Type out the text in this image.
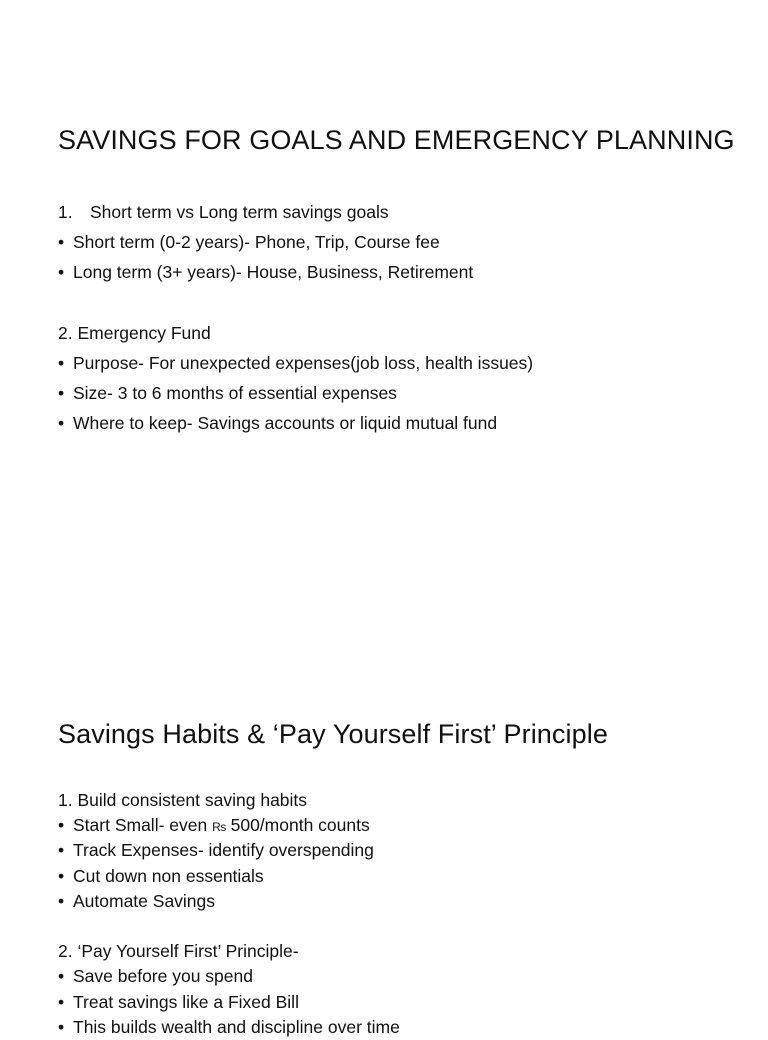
SAVINGS FOR GOALS AND EMERGENCY PLANNING
1. Short term vs Long term savings goals
• Short term (0-2 years)- Phone, Trip, Course fee
• Long term (3+ years)- House, Business, Retirement
2. Emergency Fund
• Purpose- For unexpected expenses(job loss, health issues)
• Size- 3 to 6 months of essential expenses
• Where to keep- Savings accounts or liquid mutual fund
Savings Habits & ‘Pay Yourself First’ Principle
1. Build consistent saving habits
• Start Small- even Rs 500/month counts
• Track Expenses- identify overspending
• Cut down non essentials
• Automate Savings
2. ‘Pay Yourself First’ Principle-
• Save before you spend
• Treat savings like a Fixed Bill
• This builds wealth and discipline over time
